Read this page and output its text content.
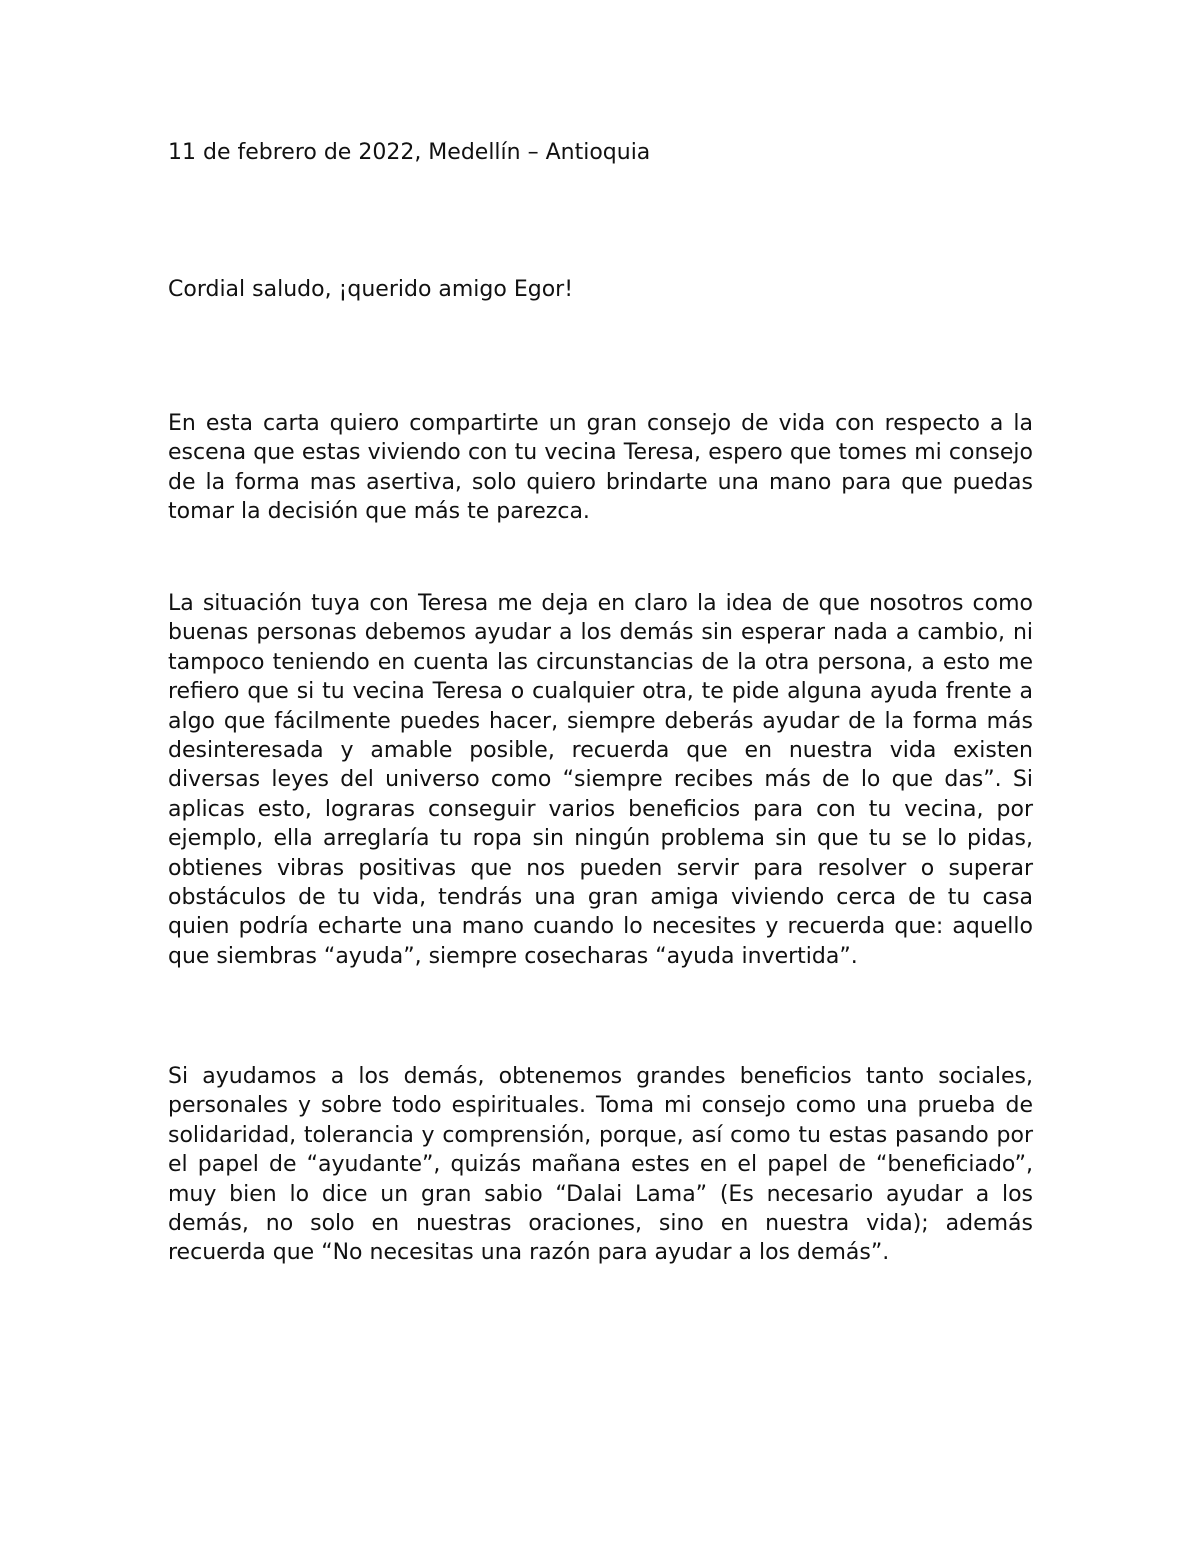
11 de febrero de 2022, Medellín – Antioquia

Cordial saludo, ¡querido amigo Egor!

En esta carta quiero compartirte un gran consejo de vida con respecto a la escena que estas viviendo con tu vecina Teresa, espero que tomes mi consejo de la forma mas asertiva, solo quiero brindarte una mano para que puedas tomar la decisión que más te parezca.

La situación tuya con Teresa me deja en claro la idea de que nosotros como buenas personas debemos ayudar a los demás sin esperar nada a cambio, ni tampoco teniendo en cuenta las circunstancias de la otra persona, a esto me refiero que si tu vecina Teresa o cualquier otra, te pide alguna ayuda frente a algo que fácilmente puedes hacer, siempre deberás ayudar de la forma más desinteresada y amable posible, recuerda que en nuestra vida existen diversas leyes del universo como “siempre recibes más de lo que das”. Si aplicas esto, lograras conseguir varios beneficios para con tu vecina, por ejemplo, ella arreglaría tu ropa sin ningún problema sin que tu se lo pidas, obtienes vibras positivas que nos pueden servir para resolver o superar obstáculos de tu vida, tendrás una gran amiga viviendo cerca de tu casa quien podría echarte una mano cuando lo necesites y recuerda que: aquello que siembras “ayuda”, siempre cosecharas “ayuda invertida”.

Si ayudamos a los demás, obtenemos grandes beneficios tanto sociales, personales y sobre todo espirituales. Toma mi consejo como una prueba de solidaridad, tolerancia y comprensión, porque, así como tu estas pasando por el papel de “ayudante”, quizás mañana estes en el papel de “beneficiado”, muy bien lo dice un gran sabio “Dalai Lama” (Es necesario ayudar a los demás, no solo en nuestras oraciones, sino en nuestra vida); además recuerda que “No necesitas una razón para ayudar a los demás”.
